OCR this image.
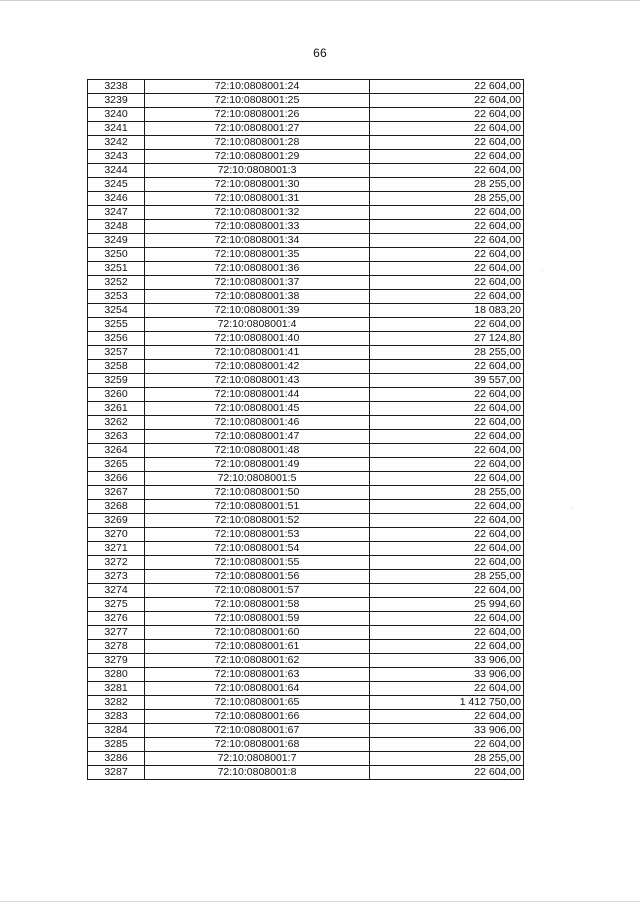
66
3238	72:10:0808001:24	22 604,00
3239	72:10:0808001:25	22 604,00
3240	72:10:0808001:26	22 604,00
3241	72:10:0808001:27	22 604,00
3242	72:10:0808001:28	22 604,00
3243	72:10:0808001:29	22 604,00
3244	72:10:0808001:3	22 604,00
3245	72:10:0808001:30	28 255,00
3246	72:10:0808001:31	28 255,00
3247	72:10:0808001:32	22 604,00
3248	72:10:0808001:33	22 604,00
3249	72:10:0808001:34	22 604,00
3250	72:10:0808001:35	22 604,00
3251	72:10:0808001:36	22 604,00
3252	72:10:0808001:37	22 604,00
3253	72:10:0808001:38	22 604,00
3254	72:10:0808001:39	18 083,20
3255	72:10:0808001:4	22 604,00
3256	72:10:0808001:40	27 124,80
3257	72:10:0808001:41	28 255,00
3258	72:10:0808001:42	22 604,00
3259	72:10:0808001:43	39 557,00
3260	72:10:0808001:44	22 604,00
3261	72:10:0808001:45	22 604,00
3262	72:10:0808001:46	22 604,00
3263	72:10:0808001:47	22 604,00
3264	72:10:0808001:48	22 604,00
3265	72:10:0808001:49	22 604,00
3266	72:10:0808001:5	22 604,00
3267	72:10:0808001:50	28 255,00
3268	72:10:0808001:51	22 604,00
3269	72:10:0808001:52	22 604,00
3270	72:10:0808001:53	22 604,00
3271	72:10:0808001:54	22 604,00
3272	72:10:0808001:55	22 604,00
3273	72:10:0808001:56	28 255,00
3274	72:10:0808001:57	22 604,00
3275	72:10:0808001:58	25 994,60
3276	72:10:0808001:59	22 604,00
3277	72:10:0808001:60	22 604,00
3278	72:10:0808001:61	22 604,00
3279	72:10:0808001:62	33 906,00
3280	72:10:0808001:63	33 906,00
3281	72:10:0808001:64	22 604,00
3282	72:10:0808001:65	1 412 750,00
3283	72:10:0808001:66	22 604,00
3284	72:10:0808001:67	33 906,00
3285	72:10:0808001:68	22 604,00
3286	72:10:0808001:7	28 255,00
3287	72:10:0808001:8	22 604,00
·
·
